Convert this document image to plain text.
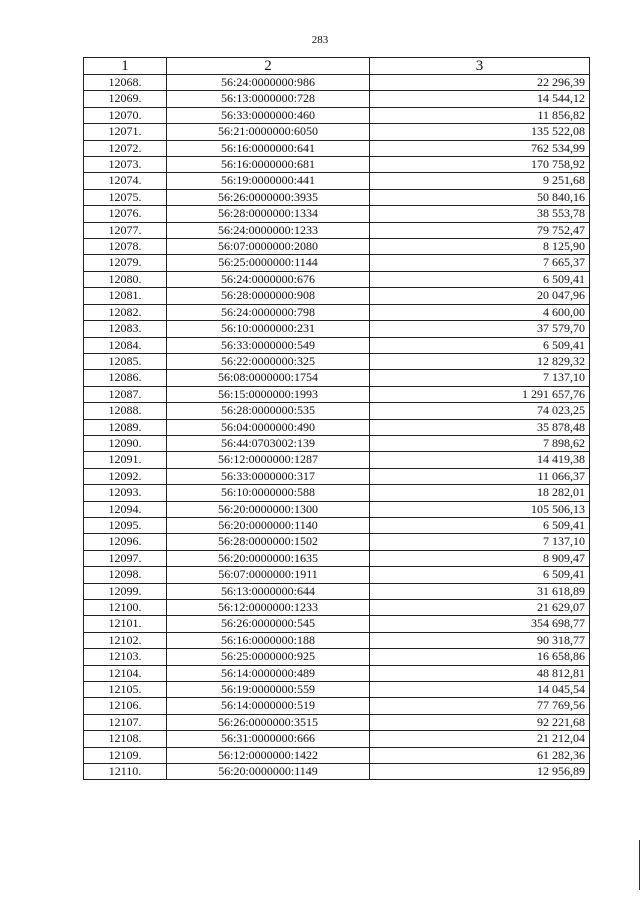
283
1	2	3
12068.	56:24:0000000:986	22 296,39
12069.	56:13:0000000:728	14 544,12
12070.	56:33:0000000:460	11 856,82
12071.	56:21:0000000:6050	135 522,08
12072.	56:16:0000000:641	762 534,99
12073.	56:16:0000000:681	170 758,92
12074.	56:19:0000000:441	9 251,68
12075.	56:26:0000000:3935	50 840,16
12076.	56:28:0000000:1334	38 553,78
12077.	56:24:0000000:1233	79 752,47
12078.	56:07:0000000:2080	8 125,90
12079.	56:25:0000000:1144	7 665,37
12080.	56:24:0000000:676	6 509,41
12081.	56:28:0000000:908	20 047,96
12082.	56:24:0000000:798	4 600,00
12083.	56:10:0000000:231	37 579,70
12084.	56:33:0000000:549	6 509,41
12085.	56:22:0000000:325	12 829,32
12086.	56:08:0000000:1754	7 137,10
12087.	56:15:0000000:1993	1 291 657,76
12088.	56:28:0000000:535	74 023,25
12089.	56:04:0000000:490	35 878,48
12090.	56:44:0703002:139	7 898,62
12091.	56:12:0000000:1287	14 419,38
12092.	56:33:0000000:317	11 066,37
12093.	56:10:0000000:588	18 282,01
12094.	56:20:0000000:1300	105 506,13
12095.	56:20:0000000:1140	6 509,41
12096.	56:28:0000000:1502	7 137,10
12097.	56:20:0000000:1635	8 909,47
12098.	56:07:0000000:1911	6 509,41
12099.	56:13:0000000:644	31 618,89
12100.	56:12:0000000:1233	21 629,07
12101.	56:26:0000000:545	354 698,77
12102.	56:16:0000000:188	90 318,77
12103.	56:25:0000000:925	16 658,86
12104.	56:14:0000000:489	48 812,81
12105.	56:19:0000000:559	14 045,54
12106.	56:14:0000000:519	77 769,56
12107.	56:26:0000000:3515	92 221,68
12108.	56:31:0000000:666	21 212,04
12109.	56:12:0000000:1422	61 282,36
12110.	56:20:0000000:1149	12 956,89
